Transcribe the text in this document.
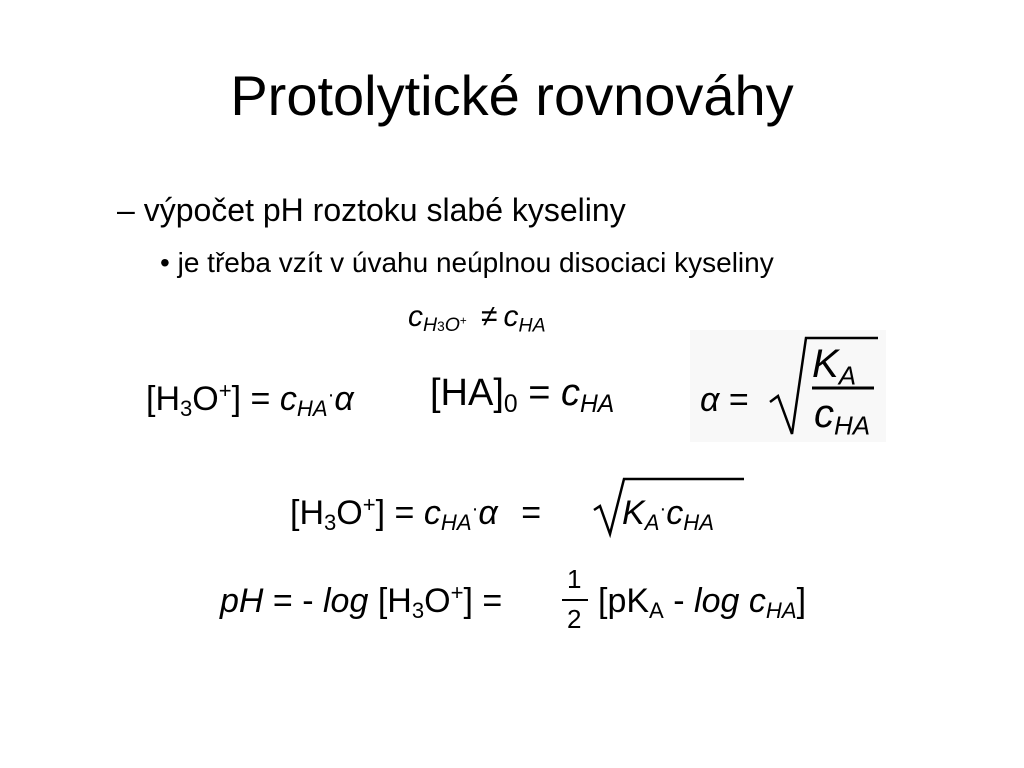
Protolytické rovnováhy
– výpočet pH roztoku slabé kyseliny
• je třeba vzít v úvahu neúplnou disociaci kyseliny
$c_{H3O^+} \ne c_{HA}$
$[H_3O^+] = c_{HA}^\cdot\alpha$ $[HA]_0 = c_{HA}$	α =
$K_A$
$c_{HA}$
$[H_3O^+] = c_{HA}^\cdot\alpha = K_A^\cdot c_{HA}$
pH = - $\log [H_3O^+]$ =
1
2 [$pK_A$ - $\log c_{HA}$]
